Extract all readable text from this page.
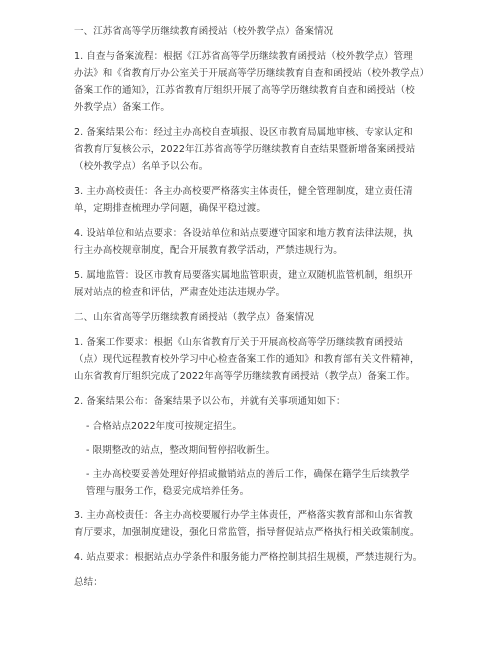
一、江苏省高等学历继续教育函授站（校外教学点）备案情况

1. 自查与备案流程：根据《江苏省高等学历继续教育函授站（校外教学点）管理
办法》和《省教育厅办公室关于开展高等学历继续教育自查和函授站（校外教学点）
备案工作的通知》，江苏省教育厅组织开展了高等学历继续教育自查和函授站（校
外教学点）备案工作。

2. 备案结果公布：经过主办高校自查填报、设区市教育局属地审核、专家认定和
省教育厅复核公示，2022年江苏省高等学历继续教育自查结果暨新增备案函授站
（校外教学点）名单予以公布。

3. 主办高校责任：各主办高校要严格落实主体责任，健全管理制度，建立责任清
单，定期排查梳理办学问题，确保平稳过渡。

4. 设站单位和站点要求：各设站单位和站点要遵守国家和地方教育法律法规，执
行主办高校规章制度，配合开展教育教学活动，严禁违规行为。

5. 属地监管：设区市教育局要落实属地监管职责，建立双随机监管机制，组织开
展对站点的检查和评估，严肃查处违法违规办学。

二、山东省高等学历继续教育函授站（教学点）备案情况

1. 备案工作要求：根据《山东省教育厅关于开展高校高等学历继续教育函授站
（点）现代远程教育校外学习中心检查备案工作的通知》和教育部有关文件精神，
山东省教育厅组织完成了2022年高等学历继续教育函授站（教学点）备案工作。

2. 备案结果公布：备案结果予以公布，并就有关事项通知如下：

- 合格站点2022年度可按规定招生。

- 限期整改的站点，整改期间暂停招收新生。

- 主办高校要妥善处理好停招或撤销站点的善后工作，确保在籍学生后续教学
管理与服务工作，稳妥完成培养任务。

3. 主办高校责任：各主办高校要履行办学主体责任，严格落实教育部和山东省教
育厅要求，加强制度建设，强化日常监管，指导督促站点严格执行相关政策制度。

4. 站点要求：根据站点办学条件和服务能力严格控制其招生规模，严禁违规行为。

总结：
